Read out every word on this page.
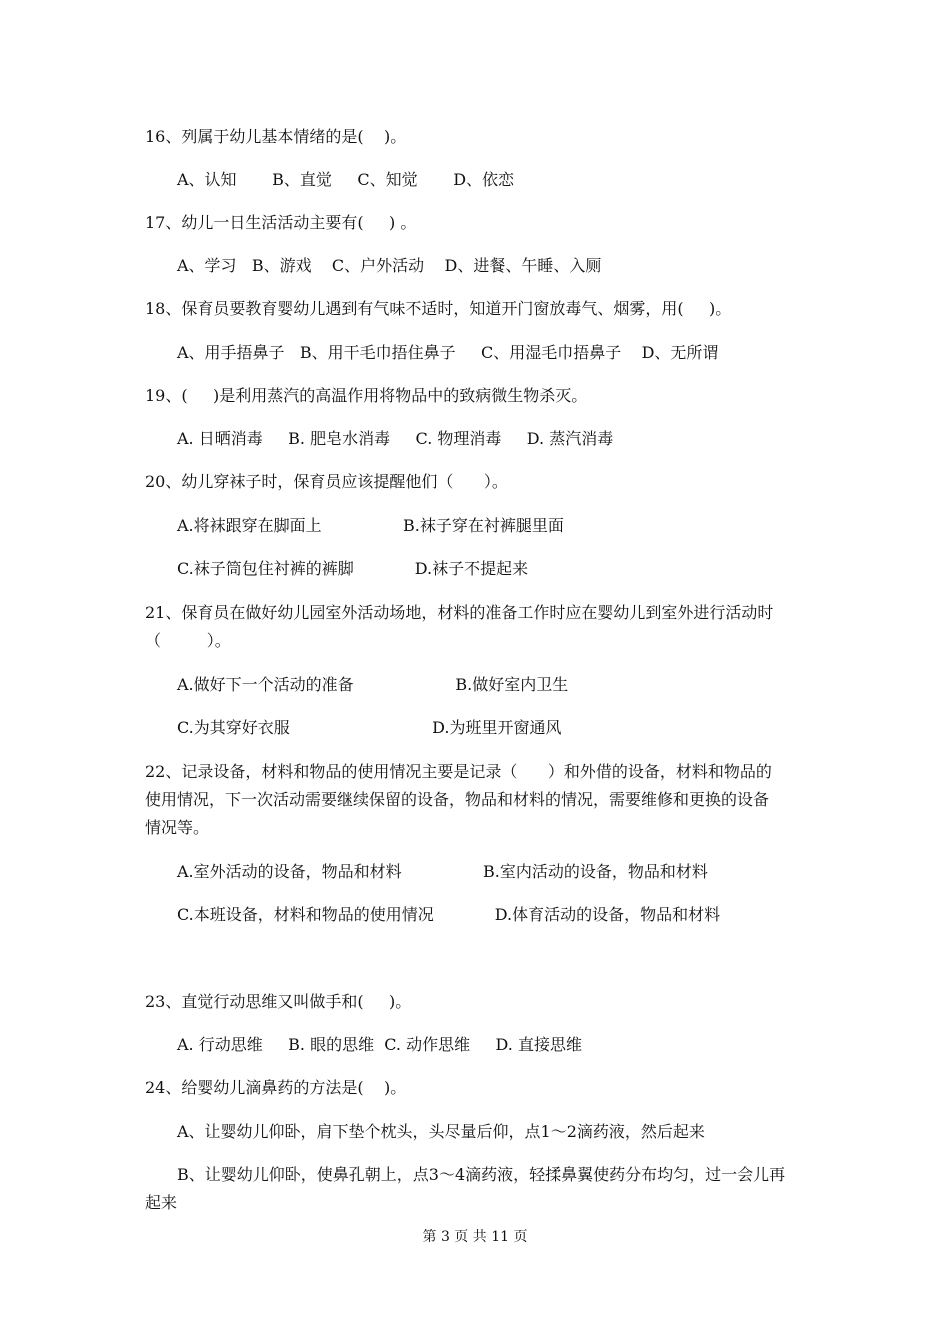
16、列属于幼儿基本情绪的是(    )。
A、认知       B、直觉     C、知觉       D、依恋
17、幼儿一日生活活动主要有(     ) 。
A、学习   B、游戏    C、户外活动    D、进餐、午睡、入厕
18、保育员要教育婴幼儿遇到有气味不适时，知道开门窗放毒气、烟雾，用(     )。
A、用手捂鼻子   B、用干毛巾捂住鼻子     C、用湿毛巾捂鼻子    D、无所谓
19、(     )是利用蒸汽的高温作用将物品中的致病微生物杀灭。
A. 日晒消毒     B. 肥皂水消毒     C. 物理消毒     D. 蒸汽消毒
20、幼儿穿袜子时，保育员应该提醒他们（      ）。
A.将袜跟穿在脚面上                B.袜子穿在衬裤腿里面
C.袜子筒包住衬裤的裤脚            D.袜子不提起来
21、保育员在做好幼儿园室外活动场地，材料的准备工作时应在婴幼儿到室外进行活动时
（         ）。
A.做好下一个活动的准备                    B.做好室内卫生
C.为其穿好衣服                            D.为班里开窗通风
22、记录设备，材料和物品的使用情况主要是记录（      ）和外借的设备，材料和物品的
使用情况，下一次活动需要继续保留的设备，物品和材料的情况，需要维修和更换的设备
情况等。
A.室外活动的设备，物品和材料                B.室内活动的设备，物品和材料
C.本班设备，材料和物品的使用情况            D.体育活动的设备，物品和材料
23、直觉行动思维又叫做手和(     )。
A. 行动思维     B. 眼的思维  C. 动作思维     D. 直接思维
24、给婴幼儿滴鼻药的方法是(    )。
A、让婴幼儿仰卧，肩下垫个枕头，头尽量后仰，点1～2滴药液，然后起来
B、让婴幼儿仰卧，使鼻孔朝上，点3～4滴药液，轻揉鼻翼使药分布均匀，过一会儿再
起来
第 3 页 共 11 页
